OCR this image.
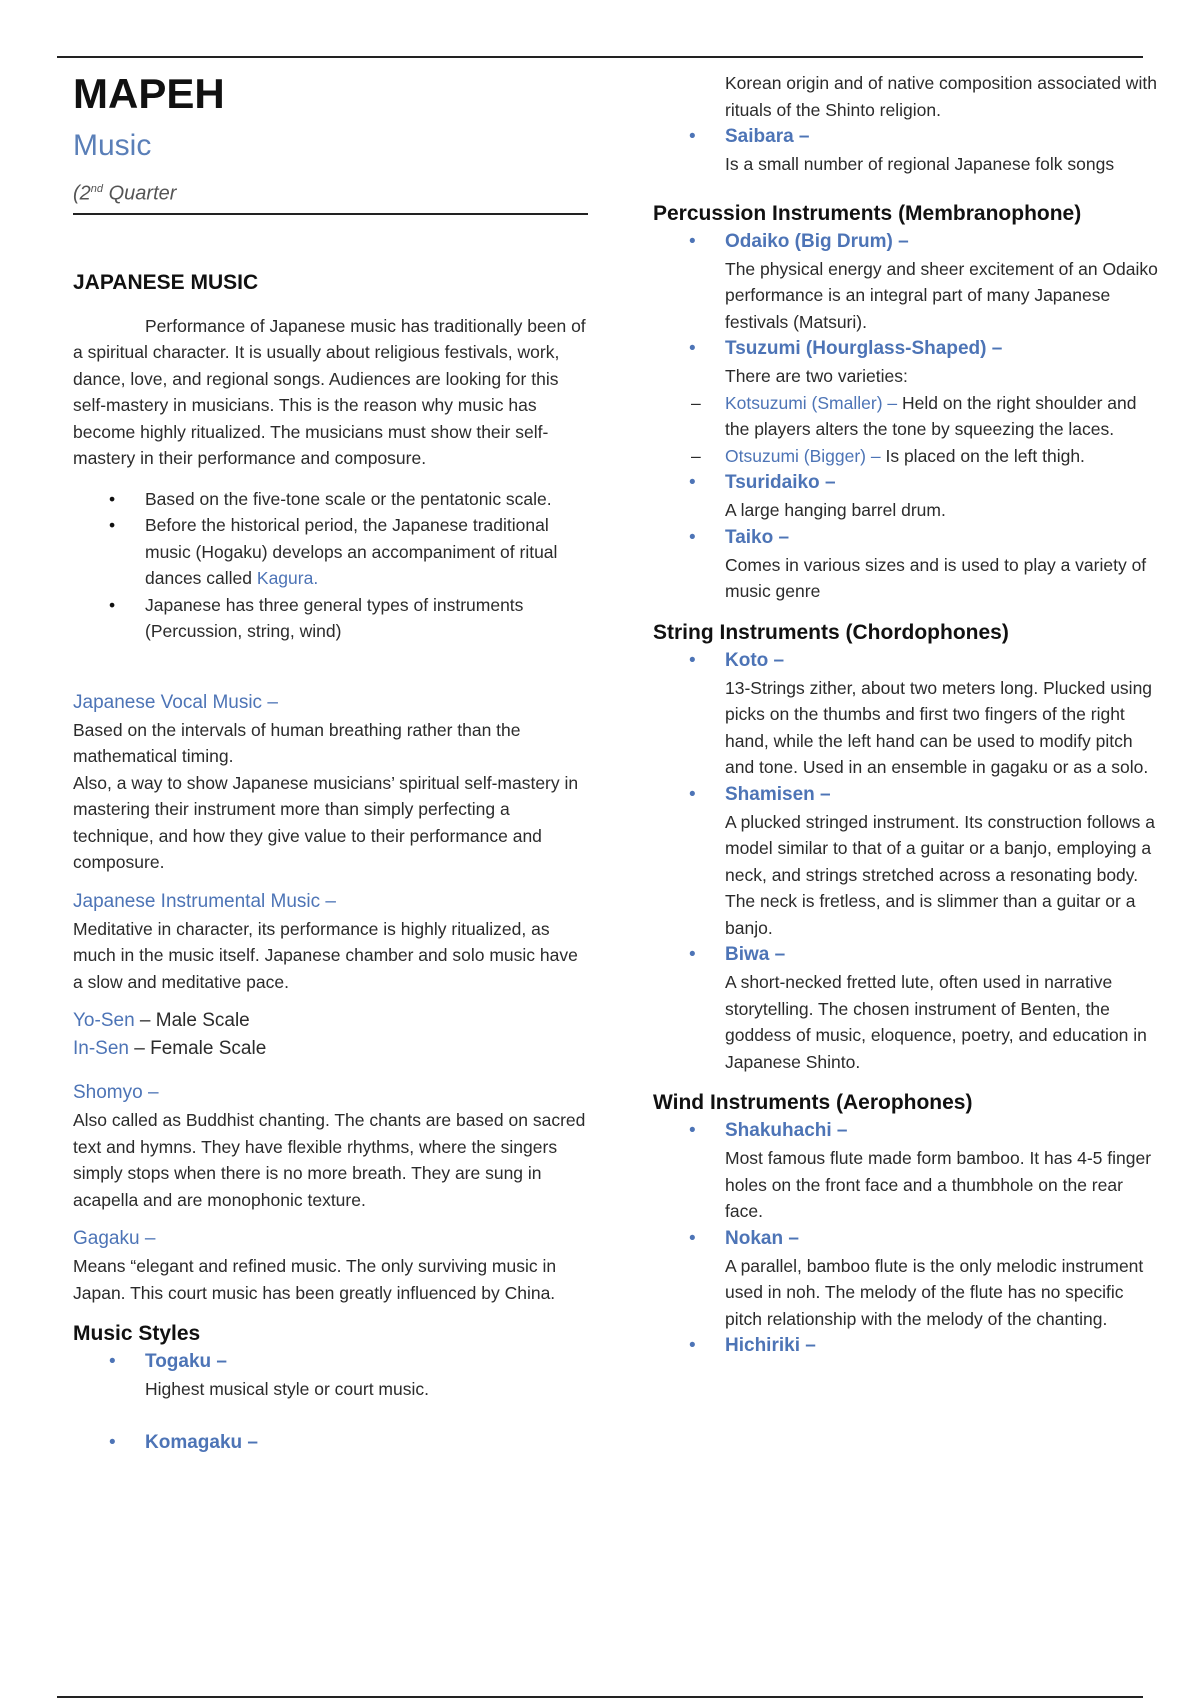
MAPEH
Music
(2nd Quarter
JAPANESE MUSIC

Performance of Japanese music has traditionally been of a spiritual character. It is usually about religious festivals, work, dance, love, and regional songs. Audiences are looking for this self-mastery in musicians. This is the reason why music has become highly ritualized. The musicians must show their self-mastery in their performance and composure.

• Based on the five-tone scale or the pentatonic scale.
• Before the historical period, the Japanese traditional music (Hogaku) develops an accompaniment of ritual dances called Kagura.
• Japanese has three general types of instruments (Percussion, string, wind)
Japanese Vocal Music –

Based on the intervals of human breathing rather than the mathematical timing.

Also, a way to show Japanese musicians’ spiritual self-mastery in mastering their instrument more than simply perfecting a technique, and how they give value to their performance and composure.

Japanese Instrumental Music –

Meditative in character, its performance is highly ritualized, as much in the music itself. Japanese chamber and solo music have a slow and meditative pace.

Yo-Sen – Male Scale
In-Sen – Female Scale
Shomyo –

Also called as Buddhist chanting. The chants are based on sacred text and hymns. They have flexible rhythms, where the singers simply stops when there is no more breath. They are sung in acapella and are monophonic texture.

Gagaku –

Means “elegant and refined music. The only surviving music in Japan. This court music has been greatly influenced by China.

Music Styles
• Togaku –
Highest musical style or court music.
• Komagaku –
Korean origin and of native composition associated with rituals of the Shinto religion.
• Saibara –
Is a small number of regional Japanese folk songs
Percussion Instruments (Membranophone)
• Odaiko (Big Drum) –
The physical energy and sheer excitement of an Odaiko performance is an integral part of many Japanese festivals (Matsuri).
• Tsuzumi (Hourglass-Shaped) –
There are two varieties:
– Kotsuzumi (Smaller) – Held on the right shoulder and the players alters the tone by squeezing the laces.
– Otsuzumi (Bigger) – Is placed on the left thigh.
• Tsuridaiko –
A large hanging barrel drum.
• Taiko –
Comes in various sizes and is used to play a variety of music genre
String Instruments (Chordophones)
• Koto –
13-Strings zither, about two meters long. Plucked using picks on the thumbs and first two fingers of the right hand, while the left hand can be used to modify pitch and tone. Used in an ensemble in gagaku or as a solo.
• Shamisen –
A plucked stringed instrument. Its construction follows a model similar to that of a guitar or a banjo, employing a neck, and strings stretched across a resonating body. The neck is fretless, and is slimmer than a guitar or a banjo.
• Biwa –
A short-necked fretted lute, often used in narrative storytelling. The chosen instrument of Benten, the goddess of music, eloquence, poetry, and education in Japanese Shinto.
Wind Instruments (Aerophones)
• Shakuhachi –
Most famous flute made form bamboo. It has 4-5 finger holes on the front face and a thumbhole on the rear face.
• Nokan –
A parallel, bamboo flute is the only melodic instrument used in noh. The melody of the flute has no specific pitch relationship with the melody of the chanting.
• Hichiriki –
